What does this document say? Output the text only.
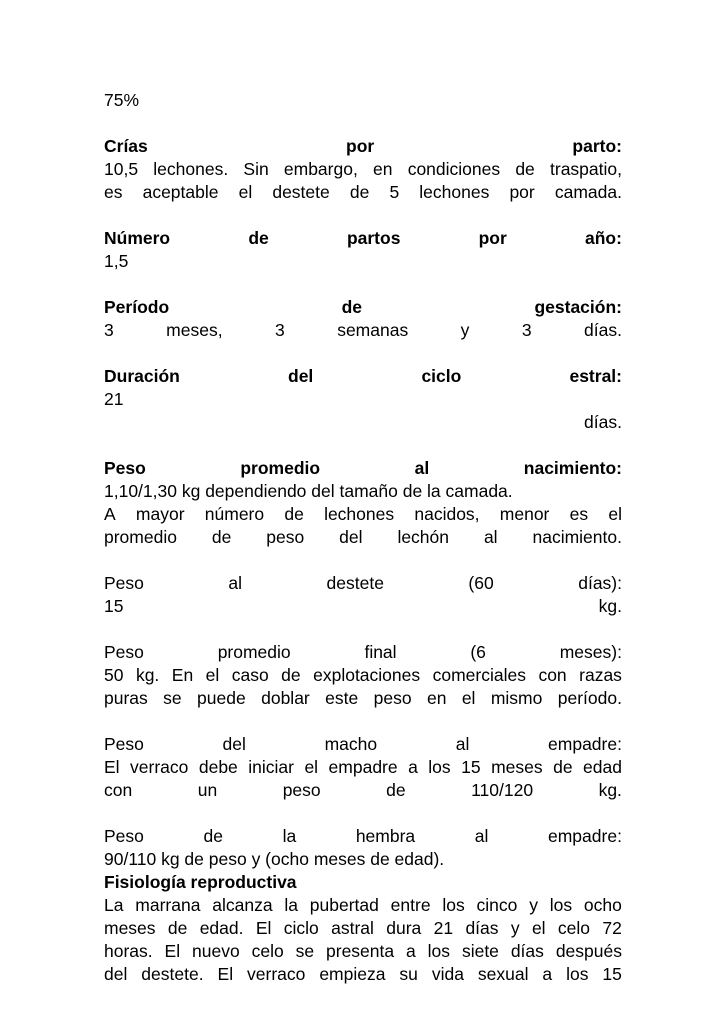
75%
Crías	por	parto:
10,5 lechones. Sin embargo, en condiciones de traspatio,
es aceptable el destete de 5 lechones por camada.
Número	de	partos	por	año:
1,5
Período	de	gestación:
3	meses,	3	semanas	y	3	días.
Duración	del	ciclo	estral:
21
días.
Peso	promedio	al	nacimiento:
1,10/1,30 kg dependiendo del tamaño de la camada.
A mayor número de lechones nacidos, menor es el
promedio de peso del lechón al nacimiento.
Peso	al	destete	(60	días):
15	kg.
Peso	promedio	final	(6	meses):
50 kg. En el caso de explotaciones comerciales con razas
puras se puede doblar este peso en el mismo período.
Peso	del	macho	al	empadre:
El verraco debe iniciar el empadre a los 15 meses de edad
con	un	peso	de	110/120	kg.
Peso	de	la	hembra	al	empadre:
90/110 kg de peso y (ocho meses de edad).
Fisiología reproductiva
La marrana alcanza la pubertad entre los cinco y los ocho
meses de edad. El ciclo astral dura 21 días y el celo 72
horas. El nuevo celo se presenta a los siete días después
del destete. El verraco empieza su vida sexual a los 15
